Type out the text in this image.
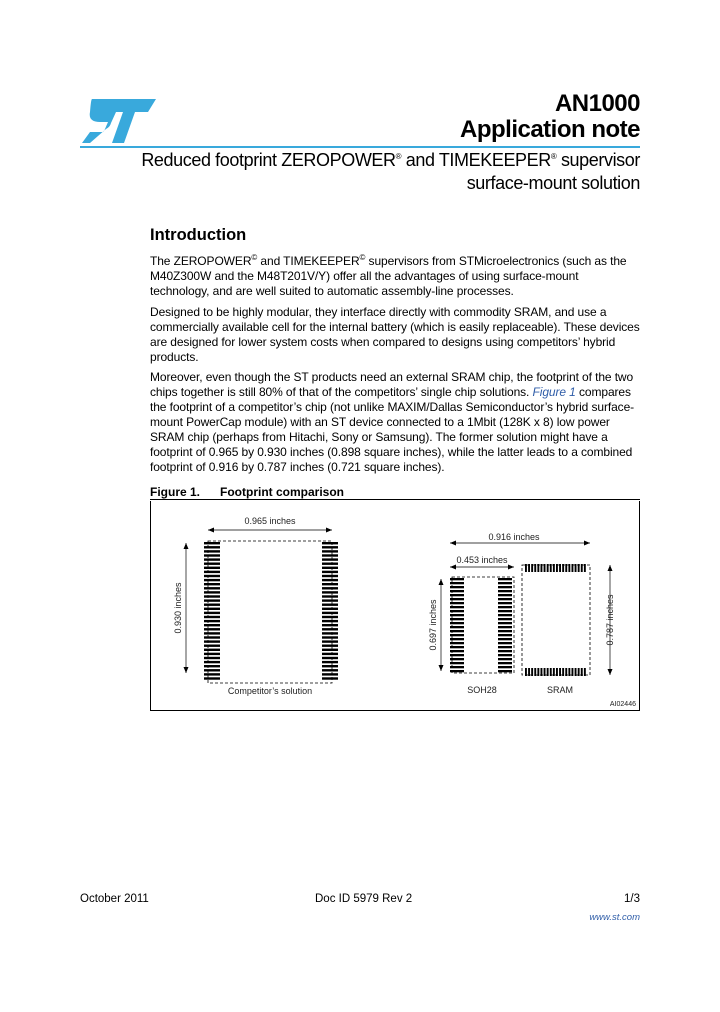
AN1000
Application note
Reduced footprint ZEROPOWER® and TIMEKEEPER® supervisor
surface-mount solution
Introduction
The ZEROPOWER© and TIMEKEEPER© supervisors from STMicroelectronics (such as the M40Z300W and the M48T201V/Y) offer all the advantages of using surface-mount technology, and are well suited to automatic assembly-line processes.
Designed to be highly modular, they interface directly with commodity SRAM, and use a commercially available cell for the internal battery (which is easily replaceable). These devices are designed for lower system costs when compared to designs using competitors’ hybrid products.
Moreover, even though the ST products need an external SRAM chip, the footprint of the two chips together is still 80% of that of the competitors’ single chip solutions. Figure 1 compares the footprint of a competitor’s chip (not unlike MAXIM/Dallas Semiconductor’s hybrid surface-mount PowerCap module) with an ST device connected to a 1Mbit (128K x 8) low power SRAM chip (perhaps from Hitachi, Sony or Samsung). The former solution might have a footprint of 0.965 by 0.930 inches (0.898 square inches), while the latter leads to a combined footprint of 0.916 by 0.787 inches (0.721 square inches).
Figure 1. Footprint comparison
0.965 inches
0.930 inches
Competitor’s solution
0.916 inches
0.453 inches
0.697 inches	0.787 inches
SOH28	SRAM
AI02446
October 2011	Doc ID 5979 Rev 2	1/3
www.st.com
